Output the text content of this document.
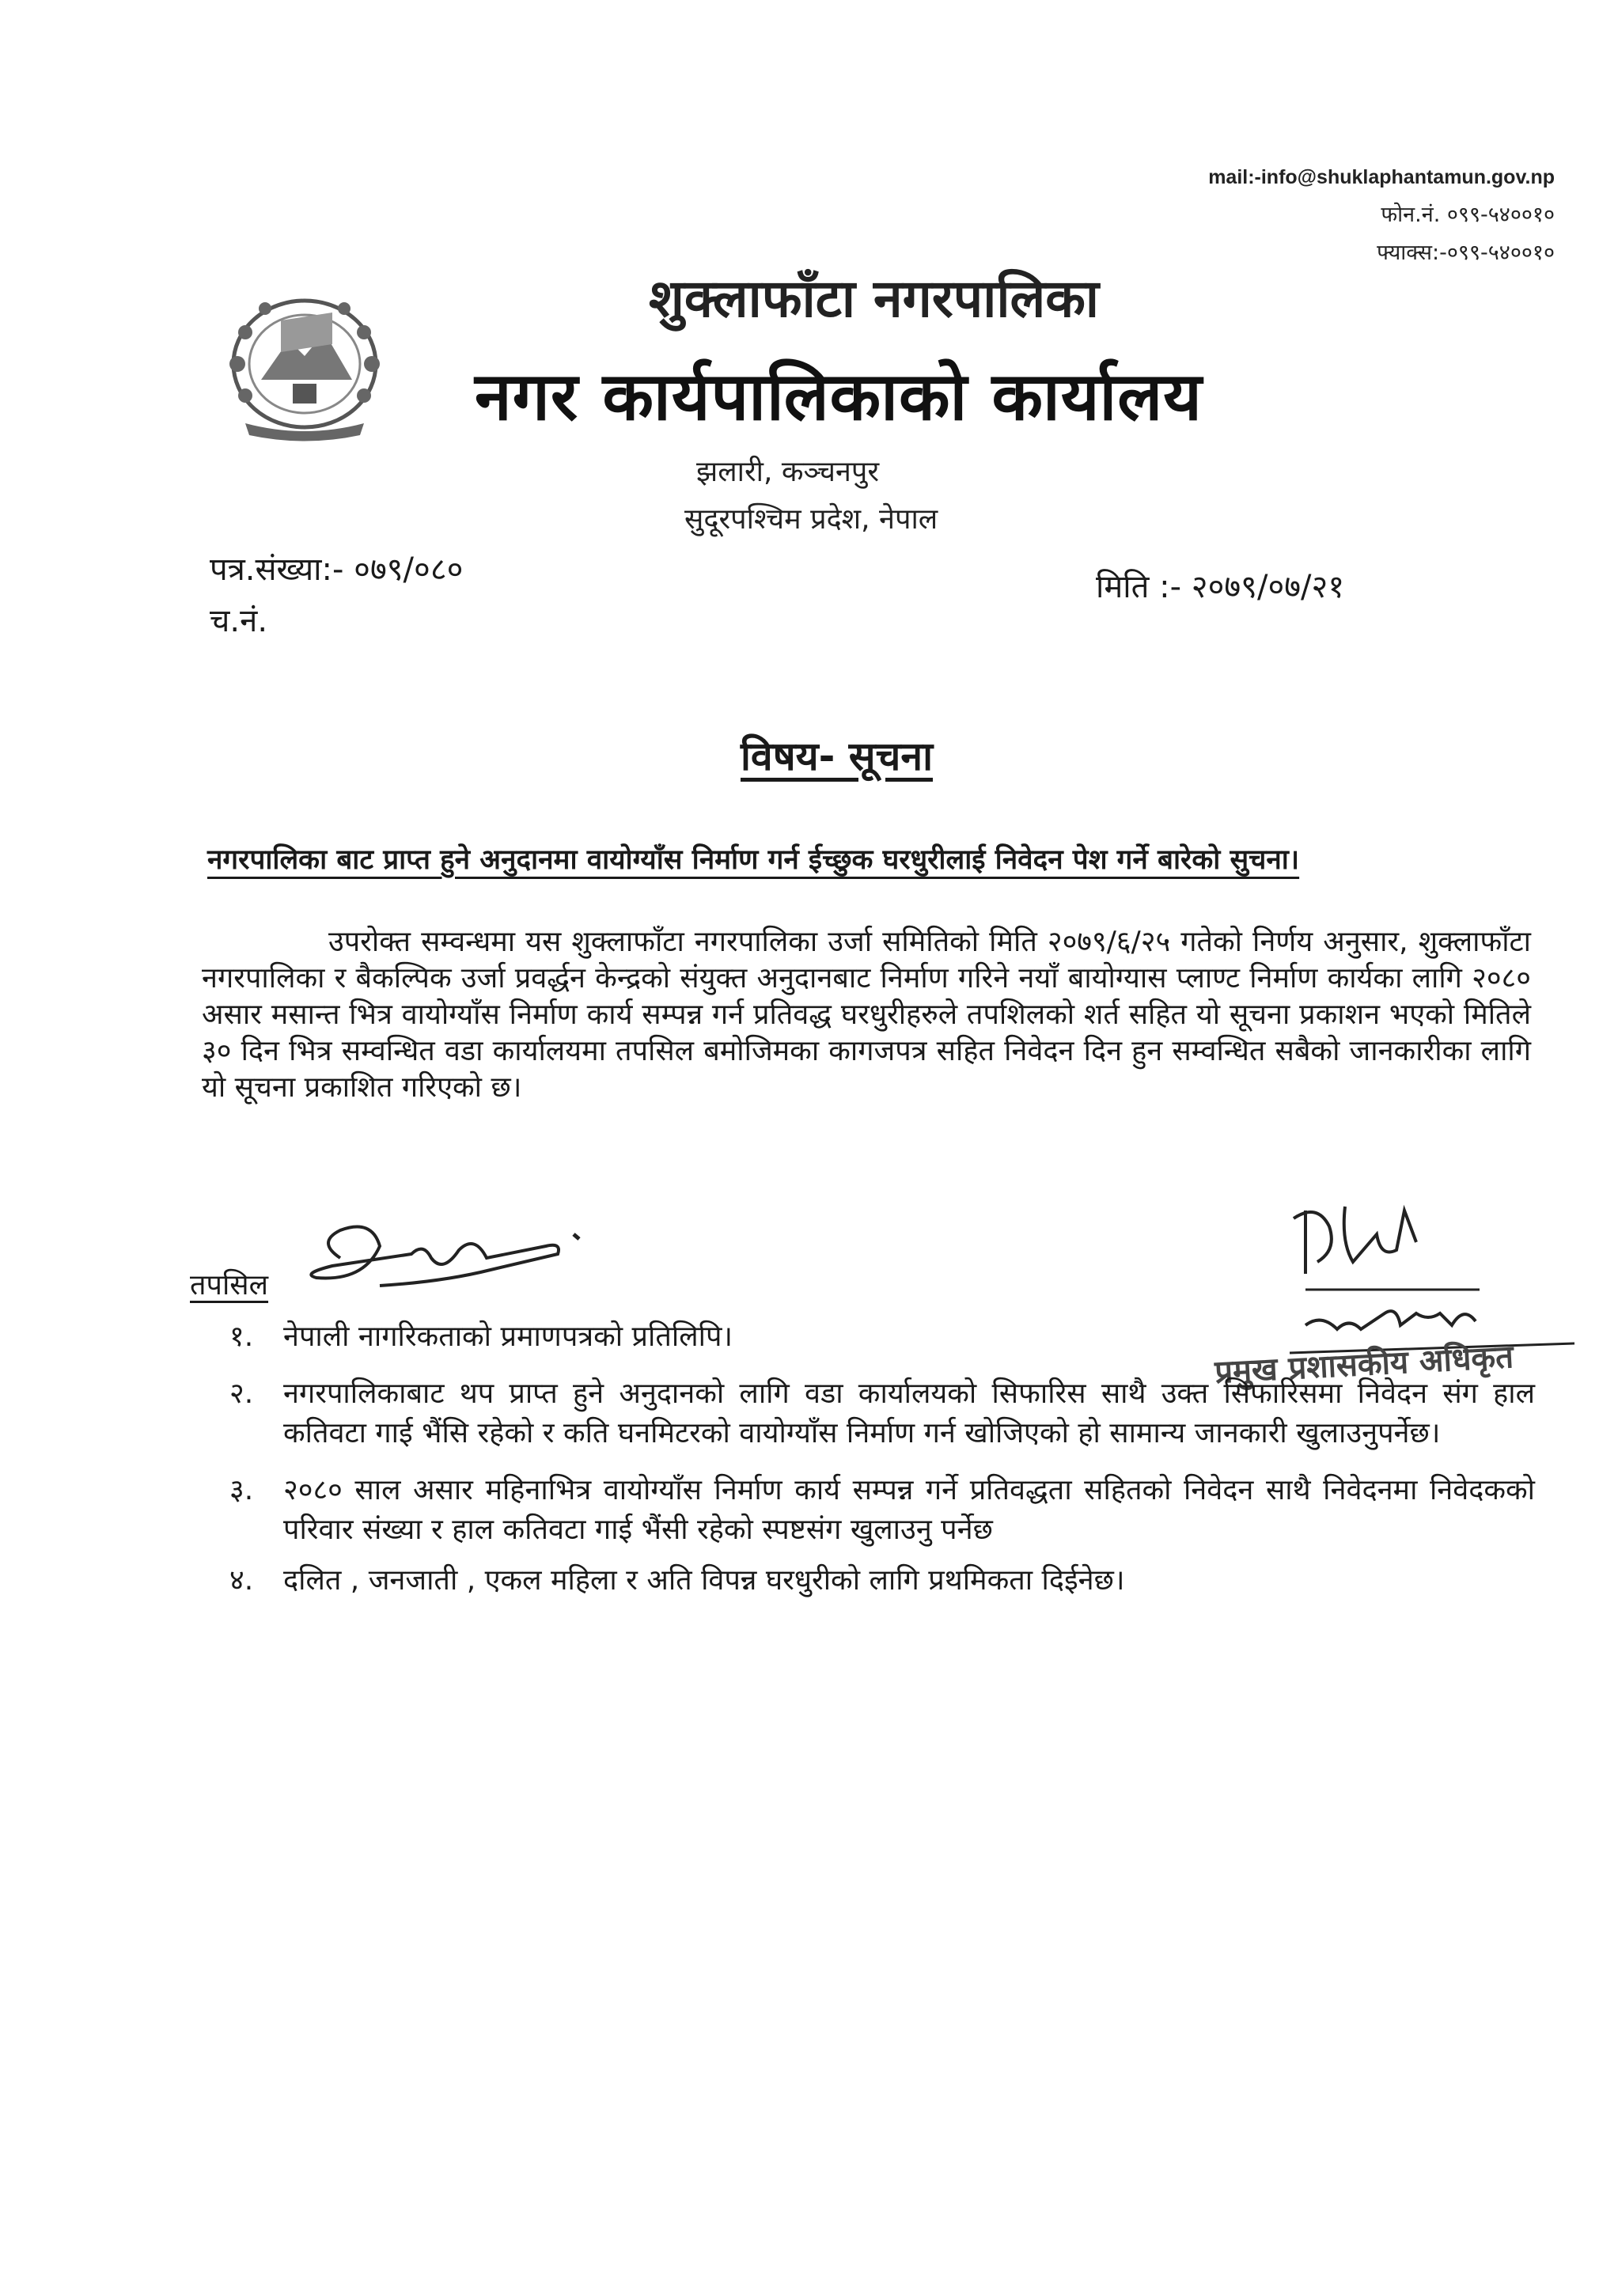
mail:-info@shuklaphantamun.gov.np
फोन.नं. ०९९-५४००१०
फ्याक्स:-०९९-५४००१०
शुक्लाफाँटा नगरपालिका
नगर कार्यपालिकाको कार्यालय
झलारी, कञ्चनपुर
सुदूरपश्चिम प्रदेश, नेपाल
पत्र.संख्या:- ०७९/०८०
च.नं.
मिति :- २०७९/०७/२१
विषय- सूचना
नगरपालिका बाट प्राप्त हुने अनुदानमा वायोग्याँस निर्माण गर्न ईच्छुक घरधुरीलाई निवेदन पेश गर्ने बारेको सुचना।
उपरोक्त सम्वन्धमा यस शुक्लाफाँटा नगरपालिका उर्जा समितिको मिति २०७९/६/२५ गतेको निर्णय अनुसार, शुक्लाफाँटा नगरपालिका र बैकल्पिक उर्जा प्रवर्द्धन केन्द्रको संयुक्त अनुदानबाट निर्माण गरिने नयाँ बायोग्यास प्लाण्ट निर्माण कार्यका लागि २०८० असार मसान्त भित्र वायोग्याँस निर्माण कार्य सम्पन्न गर्न प्रतिवद्ध घरधुरीहरुले तपशिलको शर्त सहित यो सूचना प्रकाशन भएको मितिले ३० दिन भित्र सम्वन्धित वडा कार्यालयमा तपसिल बमोजिमका कागजपत्र सहित निवेदन दिन हुन सम्वन्धित सबैको जानकारीका लागि यो सूचना प्रकाशित गरिएको छ।
तपसिल
प्रमुख प्रशासकीय अधिकृत
१. नेपाली नागरिकताको प्रमाणपत्रको प्रतिलिपि।
२. नगरपालिकाबाट थप प्राप्त हुने अनुदानको लागि वडा कार्यालयको सिफारिस साथै उक्त सिफारिसमा निवेदन संग हाल कतिवटा गाई भैंसि रहेको र कति घनमिटरको वायोग्याँस निर्माण गर्न खोजिएको हो सामान्य जानकारी खुलाउनुपर्नेछ।
३. २०८० साल असार महिनाभित्र वायोग्याँस निर्माण कार्य सम्पन्न गर्ने प्रतिवद्धता सहितको निवेदन साथै निवेदनमा निवेदकको परिवार संख्या र हाल कतिवटा गाई भैंसी रहेको स्पष्टसंग खुलाउनु पर्नेछ
४. दलित , जनजाती , एकल महिला र अति विपन्न घरधुरीको लागि प्रथमिकता दिईनेछ।
